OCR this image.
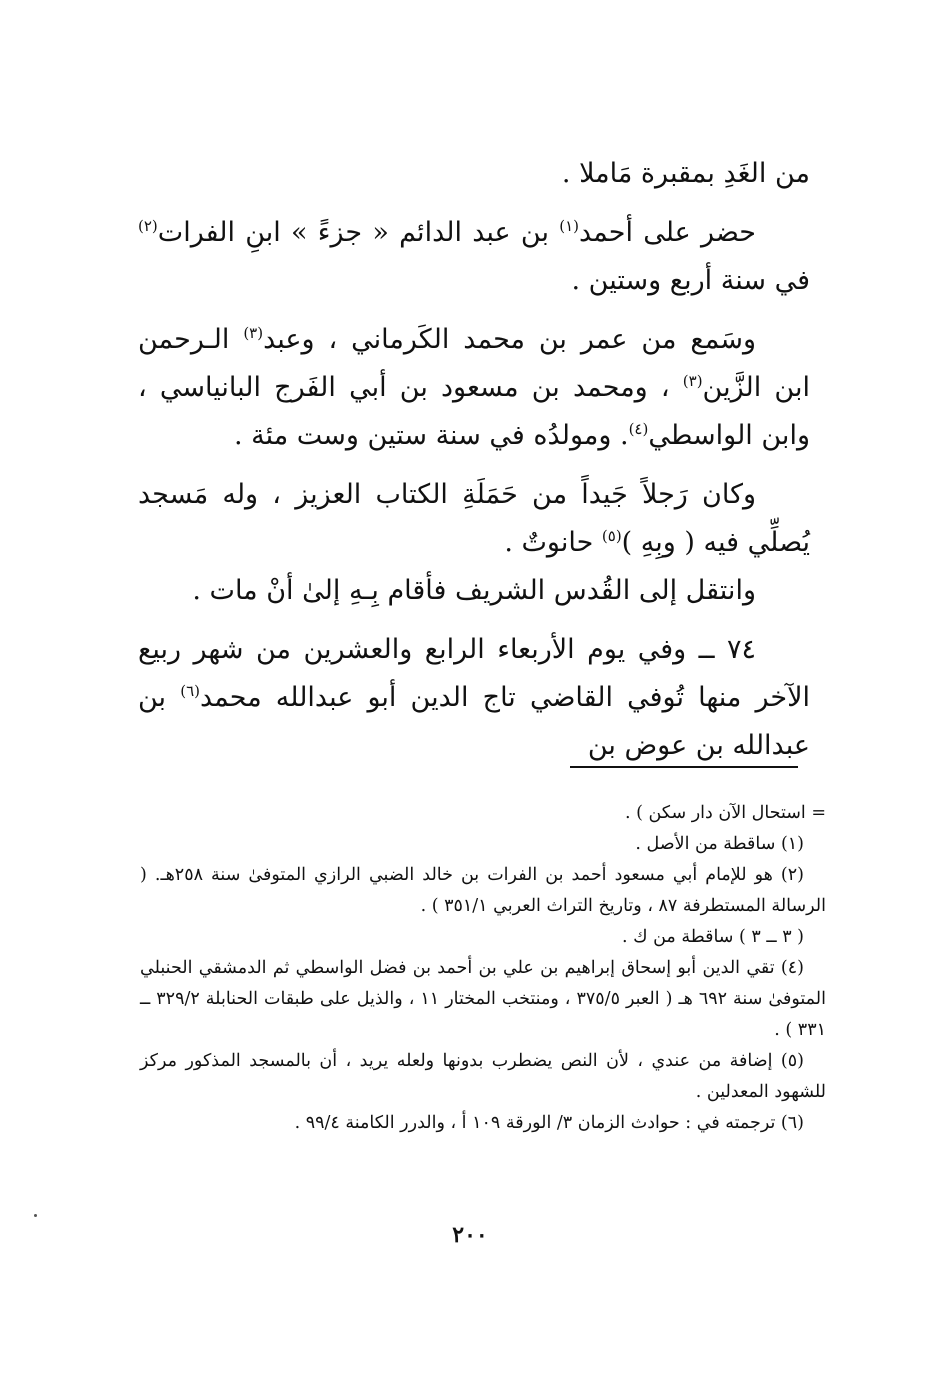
من الغَدِ بمقبرة مَاملا .

حضر على أحمد$^{(١)}$ بن عبد الدائم « جزءً » ابنِ الفرات$^{(٢)}$ في سنة أربع وستين .

وسَمع من عمر بن محمد الكَرماني ، وعبد$^{(٣)}$ الـرحمن ابن الزَّين$^{(٣)}$ ، ومحمد بن مسعود بن أبي الفَرج البانياسي ، وابن الواسطي$^{(٤)}$. ومولدُه في سنة ستين وست مئة .

وكان رَجلاً جَيداً من حَمَلَةِ الكتاب العزيز ، وله مَسجد يُصلِّي فيه ( وبِهِ )$^{(٥)}$ حانوتٌ .

وانتقل إلى القُدس الشريف فأقام بِـهِ إلىٰ أنْ مات .

٧٤ ــ وفي يوم الأربعاء الرابع والعشرين من شهر ربيع الآخر منها تُوفي القاضي تاج الدين أبو عبدالله محمد$^{(٦)}$ بن عبدالله بن عوض بن

= استحال الآن دار سكن ) .

(١) ساقطة من الأصل .

(٢) هو للإمام أبي مسعود أحمد بن الفرات بن خالد الضبي الرازي المتوفىٰ سنة ٢٥٨هـ. ( الرسالة المستطرفة ٨٧ ، وتاريخ التراث العربي ٣٥١/١ ) .

( ٣ ــ ٣ ) ساقطة من ك .

(٤) تقي الدين أبو إسحاق إبراهيم بن علي بن أحمد بن فضل الواسطي ثم الدمشقي الحنبلي المتوفىٰ سنة ٦٩٢ هـ ( العبر ٣٧٥/٥ ، ومنتخب المختار ١١ ، والذيل على طبقات الحنابلة ٣٢٩/٢ ــ ٣٣١ ) .

(٥) إضافة من عندي ، لأن النص يضطرب بدونها ولعله يريد ، أن بالمسجد المذكور مركز للشهود المعدلين .

(٦) ترجمته في : حوادث الزمان ٣/ الورقة ١٠٩ أ ، والدرر الكامنة ٩٩/٤ .

٢٠٠
